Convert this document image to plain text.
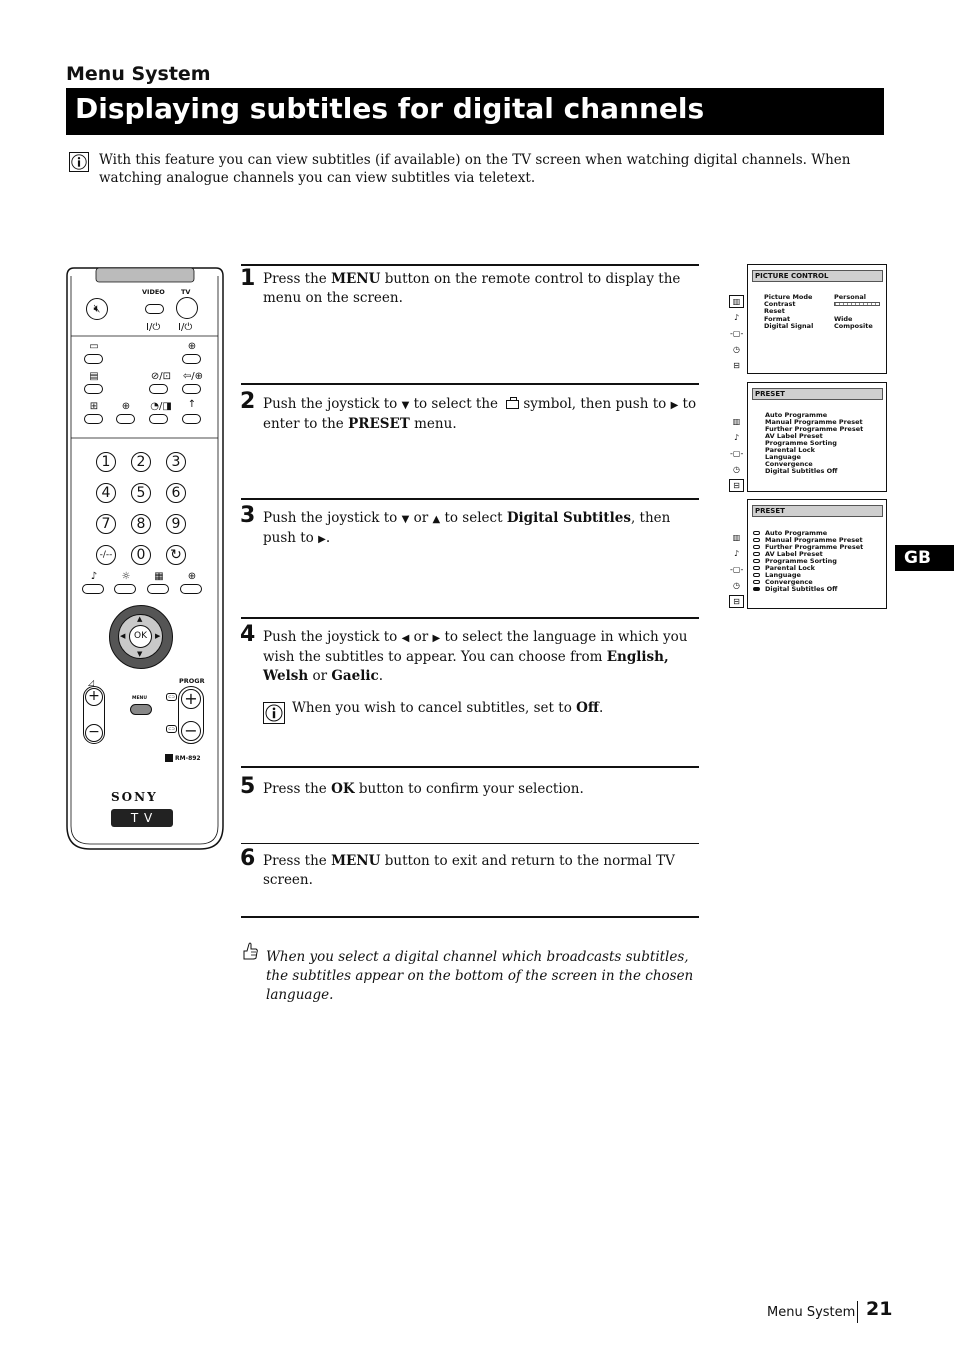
Menu System
Displaying subtitles for digital channels
With this feature you can view subtitles (if available) on the TV screen when watching digital channels. When watching analogue channels you can view subtitles via teletext.
1 Press the MENU button on the remote control to display the menu on the screen.
2 Push the joystick to ▼ to select the
symbol, then push to ▶ to enter to the PRESET menu.
3 Push the joystick to ▼ or ▲ to select Digital Subtitles, then push to ▶.
4 Push the joystick to ◀ or ▶ to select the language in which you wish the subtitles to appear. You can choose from English, Welsh or Gaelic.
When you wish to cancel subtitles, set to Off.
5 Press the OK button to confirm your selection.
6 Press the MENU button to exit and return to the normal TV screen.
When you select a digital channel which broadcasts subtitles, the subtitles appear on the bottom of the screen in the chosen language.
GB
PICTURE CONTROL
▥
♪
-▢-
◷
⊟
Picture Mode	Personal
Contrast
Reset
Format	Wide
Digital Signal	Composite
PRESET
▥
♪
-▢-
◷
⊟
Auto Programme
Manual Programme Preset
Further Programme Preset
AV Label Preset
Programme Sorting
Parental Lock
Language
Convergence
Digital Subtitles Off
PRESET
▥
♪
-▢-
◷
⊟
Auto Programme
Manual Programme Preset
Further Programme Preset
AV Label Preset
Programme Sorting
Parental Lock
Language
Convergence
Digital Subtitles Off
🔇︎
VIDEO TV
I/⏻ I/⏻
▭	⊕
▤	⊘/⊡	⇦/⊕
⊞	⊕	◔/◨	↑
1	2	3
4	5	6
7	8	9
-/--	0	↻
♪	☼	▦	⊕
OK
▲
▼
◀	▶
◿	PROGR
+
−
MENU	⊂⊃
⊂⊃
+
−
RM-892
SONY
T V
Menu System 21
